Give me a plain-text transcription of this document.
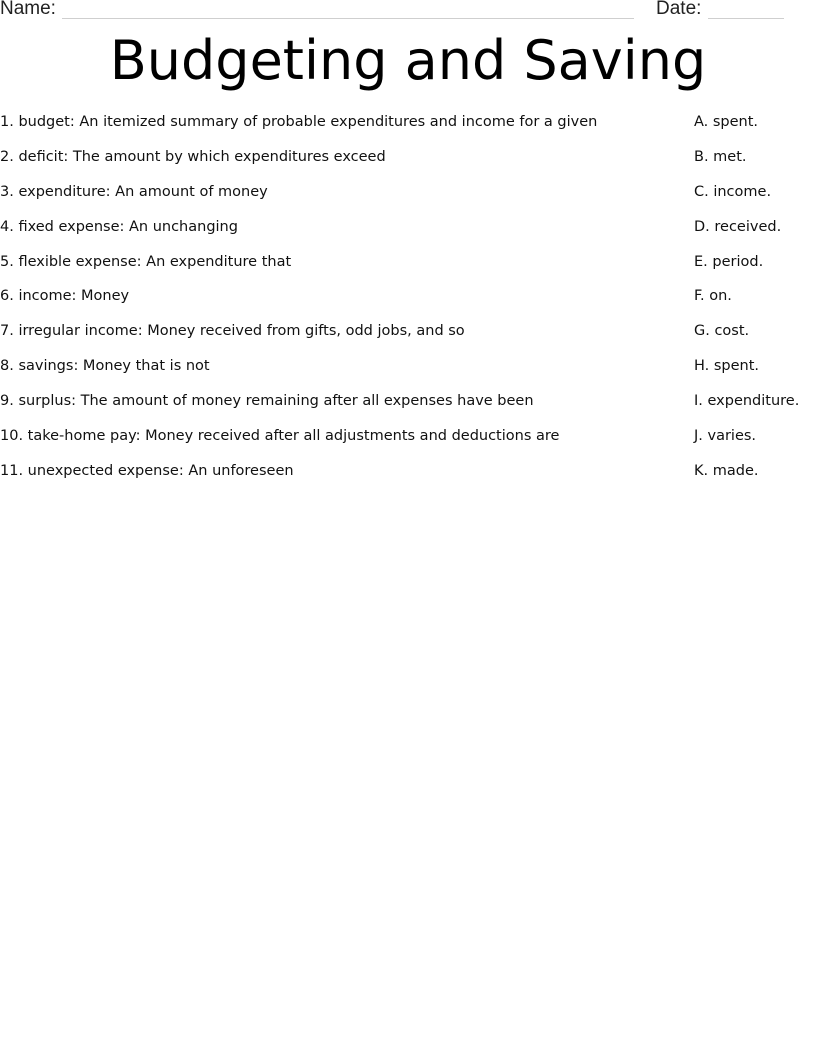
Name:	Date:
Budgeting and Saving
1. budget: An itemized summary of probable expenditures and income for a given	A. spent.
2. deficit: The amount by which expenditures exceed	B. met.
3. expenditure: An amount of money	C. income.
4. fixed expense: An unchanging	D. received.
5. flexible expense: An expenditure that	E. period.
6. income: Money	F. on.
7. irregular income: Money received from gifts, odd jobs, and so	G. cost.
8. savings: Money that is not	H. spent.
9. surplus: The amount of money remaining after all expenses have been	I. expenditure.
10. take-home pay: Money received after all adjustments and deductions are	J. varies.
11. unexpected expense: An unforeseen	K. made.
